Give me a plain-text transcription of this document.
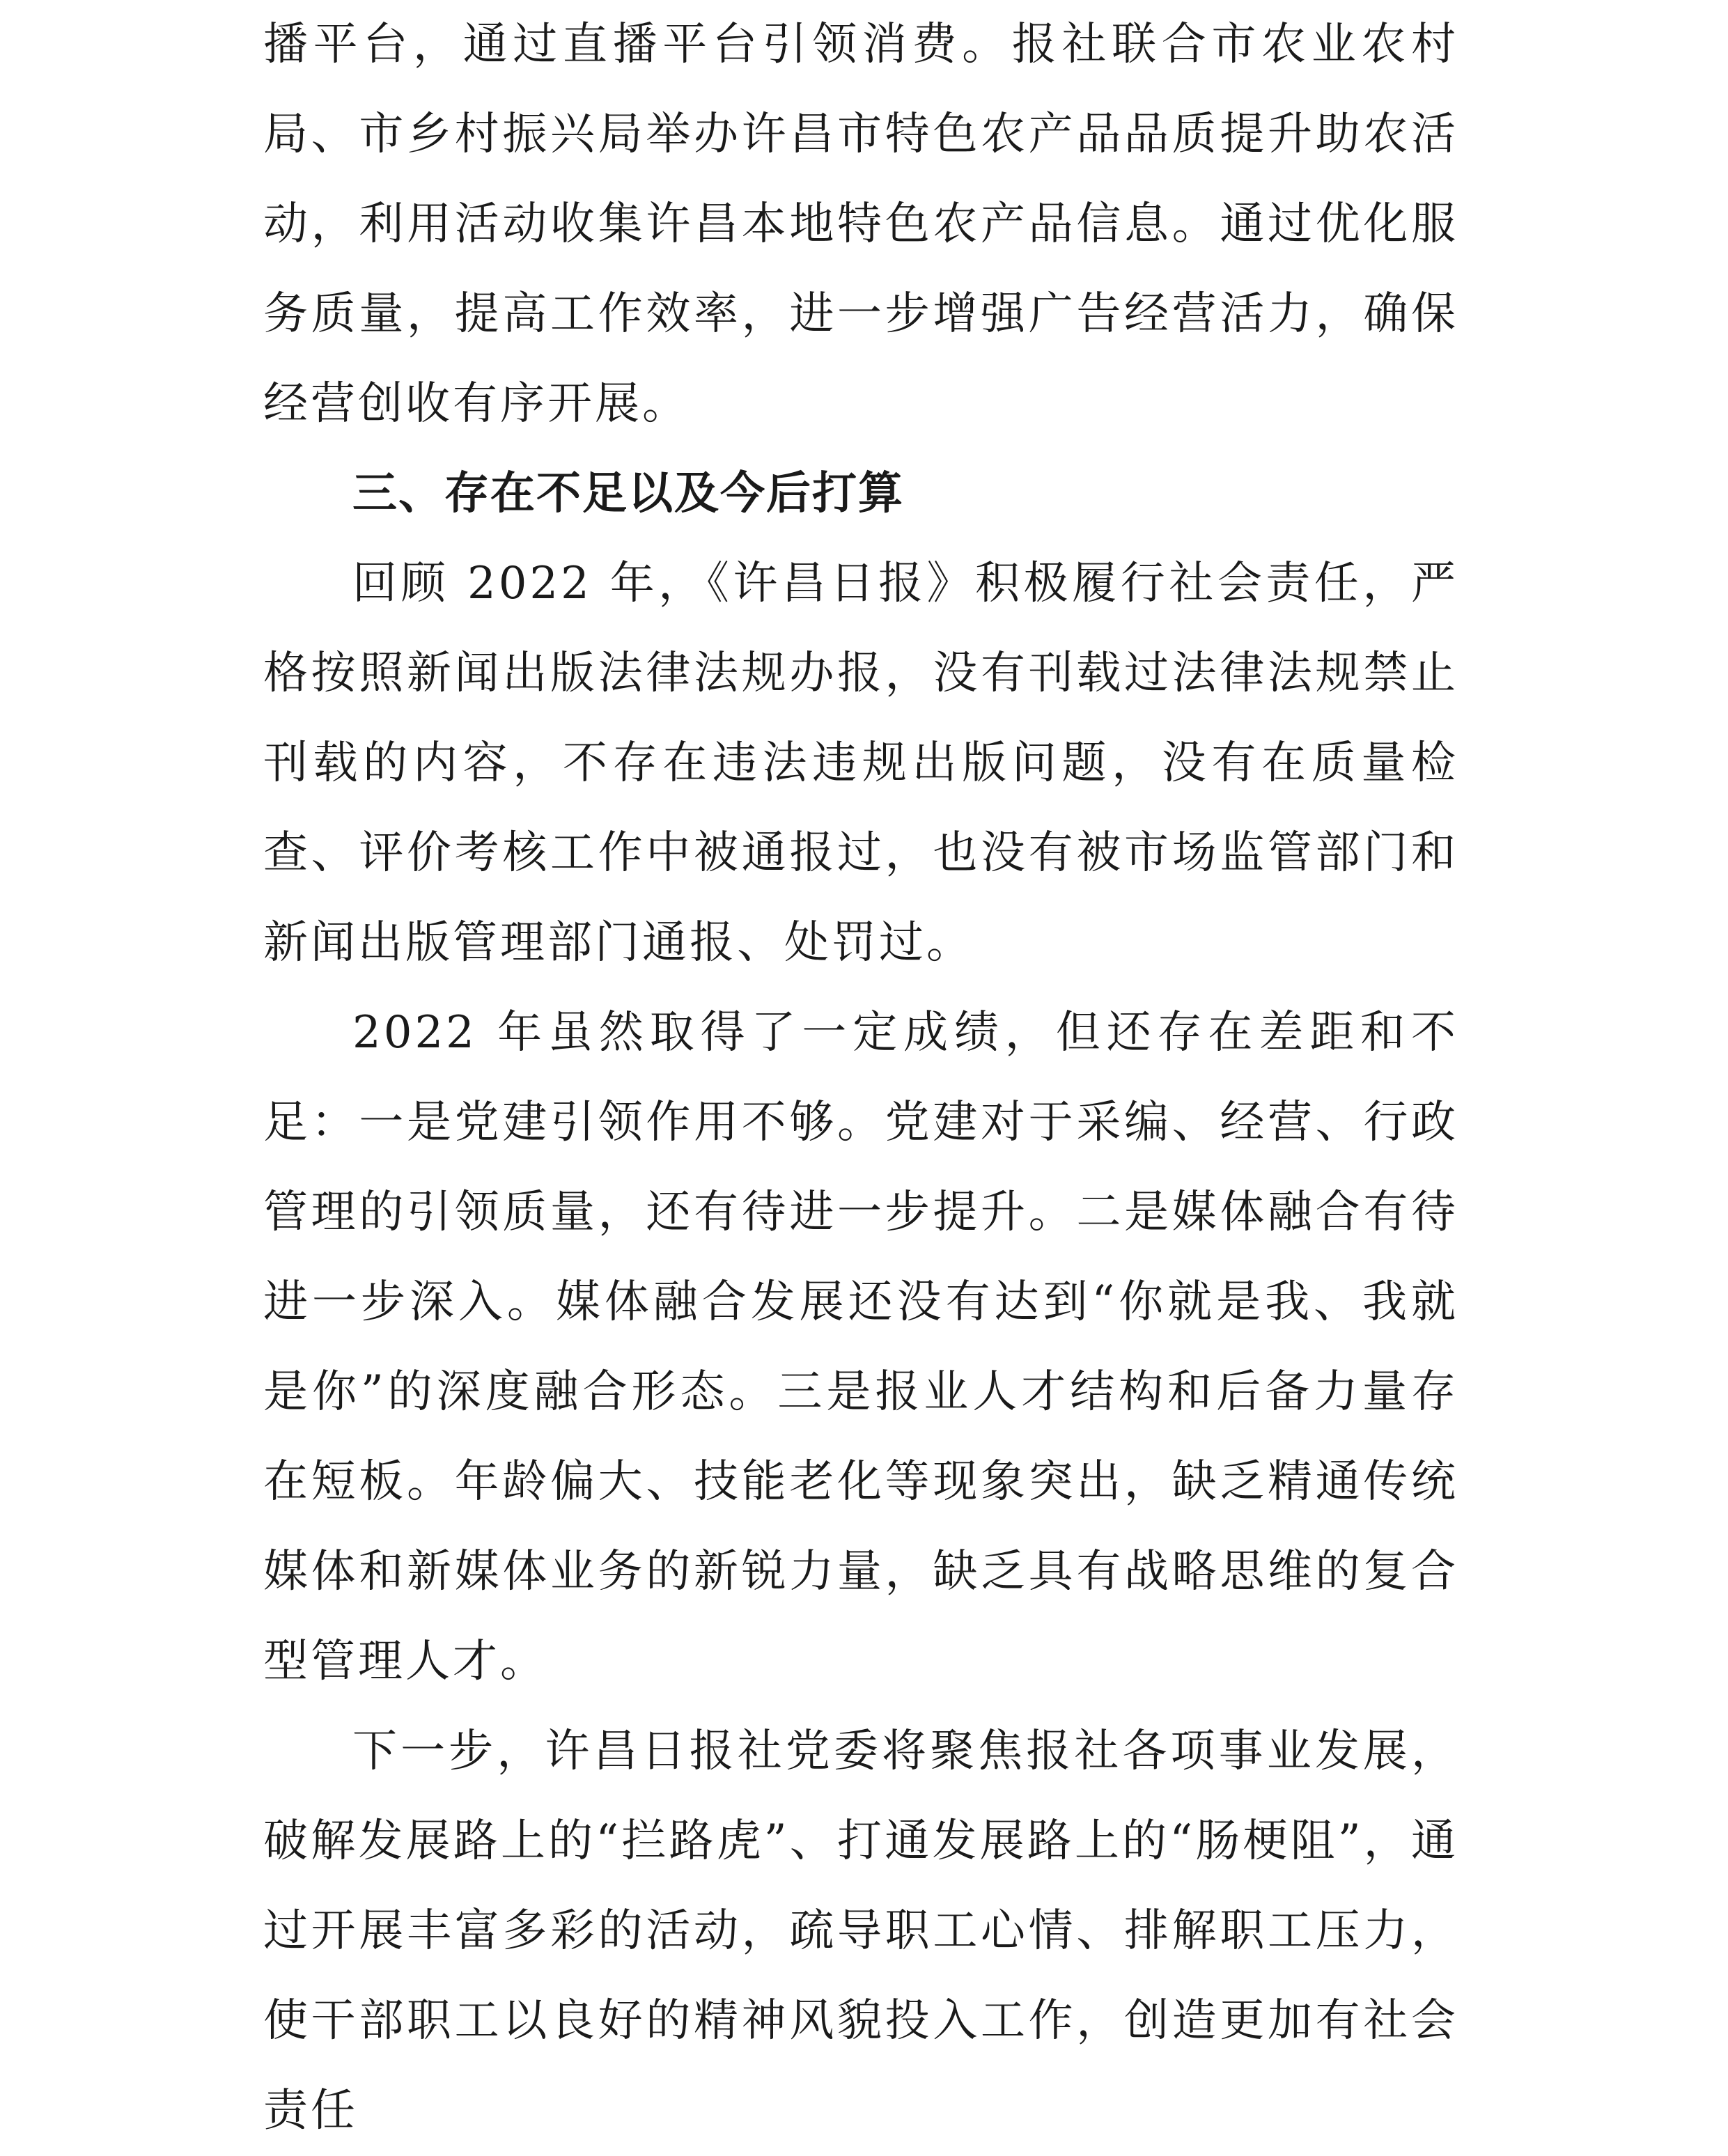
播平台，通过直播平台引领消费。报社联合市农业农村局、市乡村振兴局举办许昌市特色农产品品质提升助农活动，利用活动收集许昌本地特色农产品信息。通过优化服务质量，提高工作效率，进一步增强广告经营活力，确保经营创收有序开展。

三、存在不足以及今后打算

回顾 2022 年，《许昌日报》积极履行社会责任，严格按照新闻出版法律法规办报，没有刊载过法律法规禁止刊载的内容，不存在违法违规出版问题，没有在质量检查、评价考核工作中被通报过，也没有被市场监管部门和新闻出版管理部门通报、处罚过。

2022 年虽然取得了一定成绩，但还存在差距和不足：一是党建引领作用不够。党建对于采编、经营、行政管理的引领质量，还有待进一步提升。二是媒体融合有待进一步深入。媒体融合发展还没有达到“你就是我、我就是你”的深度融合形态。三是报业人才结构和后备力量存在短板。年龄偏大、技能老化等现象突出，缺乏精通传统媒体和新媒体业务的新锐力量，缺乏具有战略思维的复合型管理人才。

下一步，许昌日报社党委将聚焦报社各项事业发展，破解发展路上的“拦路虎”、打通发展路上的“肠梗阻”，通过开展丰富多彩的活动，疏导职工心情、排解职工压力，使干部职工以良好的精神风貌投入工作，创造更加有社会责任
